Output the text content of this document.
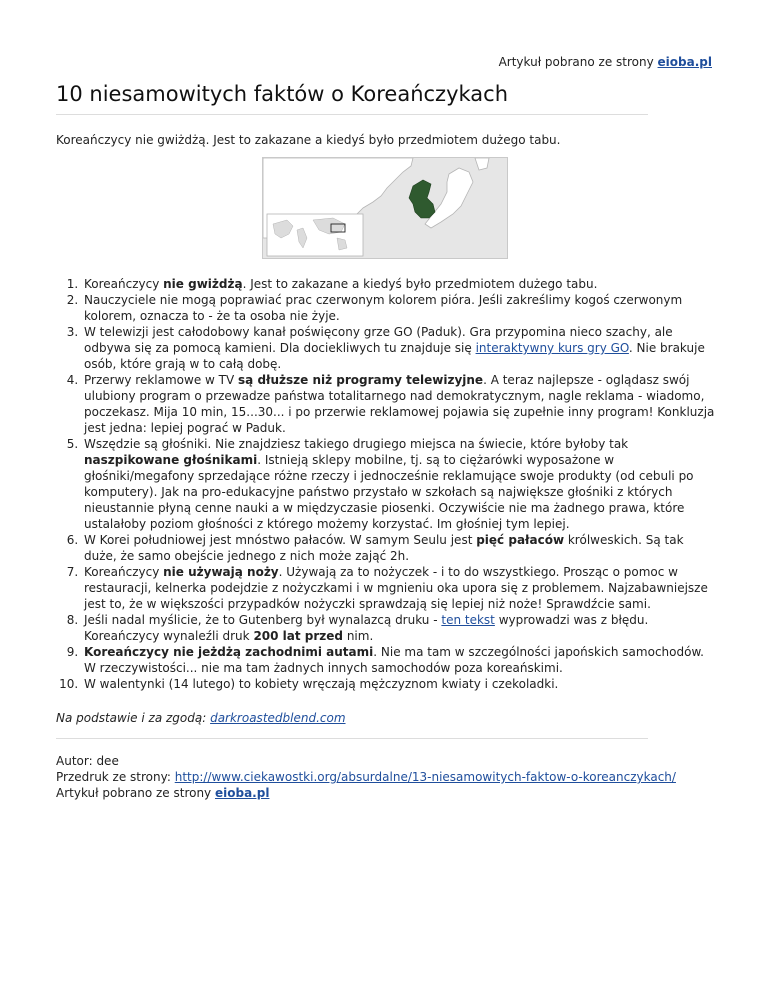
Artykuł pobrano ze strony eioba.pl
10 niesamowitych faktów o Koreańczykach

Koreańczycy nie gwiżdżą. Jest to zakazane a kiedyś było przedmiotem dużego tabu.

1. Koreańczycy nie gwiżdżą. Jest to zakazane a kiedyś było przedmiotem dużego tabu.
2. Nauczyciele nie mogą poprawiać prac czerwonym kolorem pióra. Jeśli zakreślimy kogoś czerwonym kolorem, oznacza to - że ta osoba nie żyje.
3. W telewizji jest całodobowy kanał poświęcony grze GO (Paduk). Gra przypomina nieco szachy, ale odbywa się za pomocą kamieni. Dla dociekliwych tu znajduje się interaktywny kurs gry GO. Nie brakuje osób, które grają w to całą dobę.
4. Przerwy reklamowe w TV są dłuższe niż programy telewizyjne. A teraz najlepsze - oglądasz swój ulubiony program o przewadze państwa totalitarnego nad demokratycznym, nagle reklama - wiadomo, poczekasz. Mija 10 min, 15...30... i po przerwie reklamowej pojawia się zupełnie inny program! Konkluzja jest jedna: lepiej pograć w Paduk.
5. Wszędzie są głośniki. Nie znajdziesz takiego drugiego miejsca na świecie, które byłoby tak naszpikowane głośnikami. Istnieją sklepy mobilne, tj. są to ciężarówki wyposażone w głośniki/megafony sprzedające różne rzeczy i jednocześnie reklamujące swoje produkty (od cebuli po komputery). Jak na pro-edukacyjne państwo przystało w szkołach są największe głośniki z których nieustannie płyną cenne nauki a w międzyczasie piosenki. Oczywiście nie ma żadnego prawa, które ustalałoby poziom głośności z którego możemy korzystać. Im głośniej tym lepiej.
6. W Korei południowej jest mnóstwo pałaców. W samym Seulu jest pięć pałaców królweskich. Są tak duże, że samo obejście jednego z nich może zająć 2h.
7. Koreańczycy nie używają noży. Używają za to nożyczek - i to do wszystkiego. Prosząc o pomoc w restauracji, kelnerka podejdzie z nożyczkami i w mgnieniu oka upora się z problemem. Najzabawniejsze jest to, że w większości przypadków nożyczki sprawdzają się lepiej niż noże! Sprawdźcie sami.
8. Jeśli nadal myślicie, że to Gutenberg był wynalazcą druku - ten tekst wyprowadzi was z błędu. Koreańczycy wynaleźli druk 200 lat przed nim.
9. Koreańczycy nie jeżdżą zachodnimi autami. Nie ma tam w szczególności japońskich samochodów. W rzeczywistości... nie ma tam żadnych innych samochodów poza koreańskimi.
10. W walentynki (14 lutego) to kobiety wręczają mężczyznom kwiaty i czekoladki.

Na podstawie i za zgodą: darkroastedblend.com

Autor: dee
Przedruk ze strony: http://www.ciekawostki.org/absurdalne/13-niesamowitych-faktow-o-koreanczykach/
Artykuł pobrano ze strony eioba.pl
